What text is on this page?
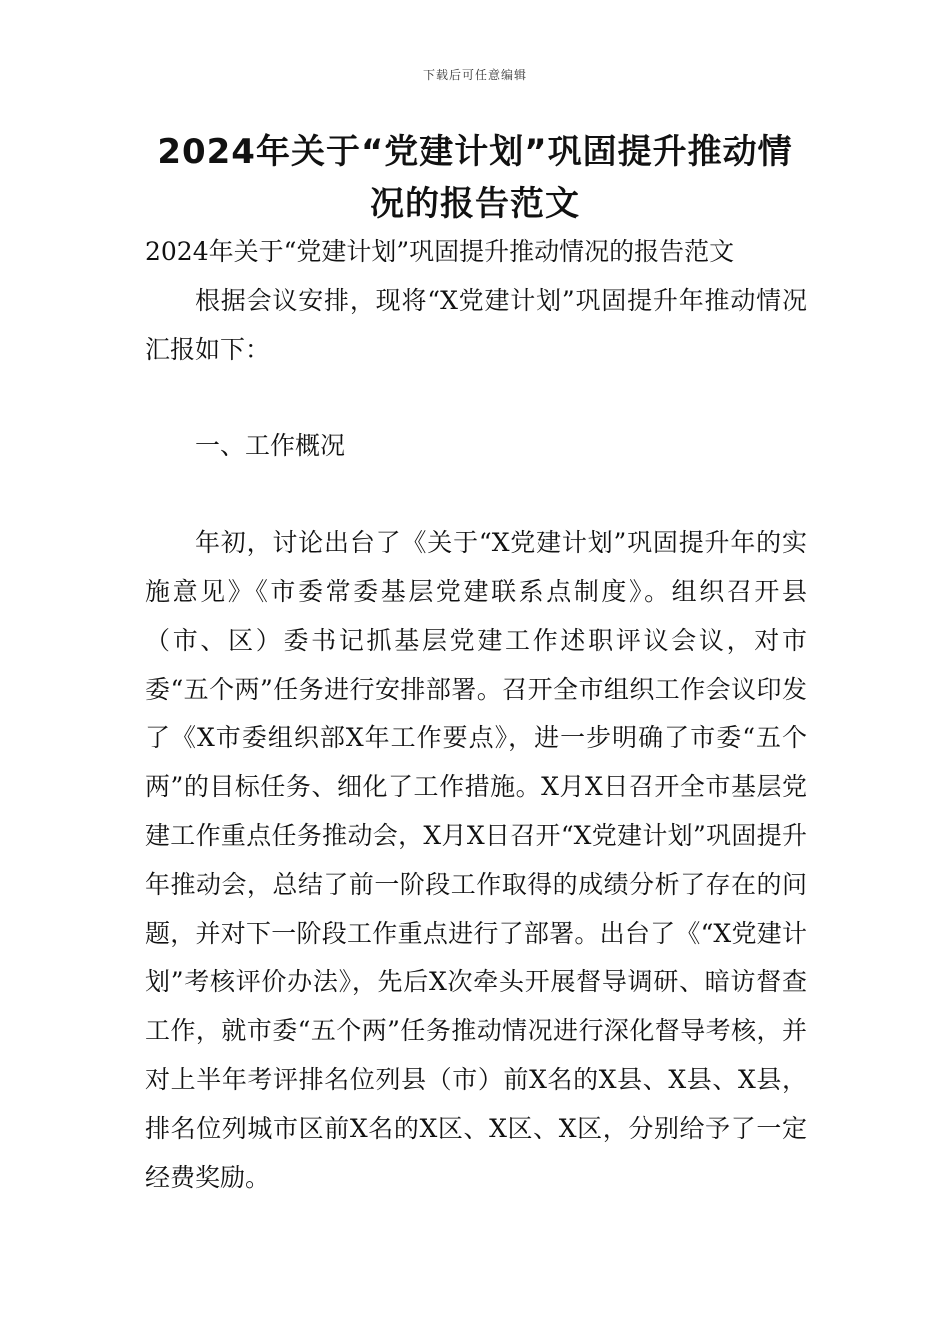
下载后可任意编辑
2024年关于“党建计划”巩固提升推动情况的报告范文

2024年关于“党建计划”巩固提升推动情况的报告范文

根据会议安排，现将“X党建计划”巩固提升年推动情况汇报如下：

一、工作概况

年初，讨论出台了《关于“X党建计划”巩固提升年的实施意见》《市委常委基层党建联系点制度》。组织召开县（市、区）委书记抓基层党建工作述职评议会议，对市委“五个两”任务进行安排部署。召开全市组织工作会议印发了《X市委组织部X年工作要点》，进一步明确了市委“五个两”的目标任务、细化了工作措施。X月X日召开全市基层党建工作重点任务推动会，X月X日召开“X党建计划”巩固提升年推动会，总结了前一阶段工作取得的成绩分析了存在的问题，并对下一阶段工作重点进行了部署。出台了《“X党建计划”考核评价办法》，先后X次牵头开展督导调研、暗访督查工作，就市委“五个两”任务推动情况进行深化督导考核，并对上半年考评排名位列县（市）前X名的X县、X县、X县，排名位列城市区前X名的X区、X区、X区，分别给予了一定经费奖励。
